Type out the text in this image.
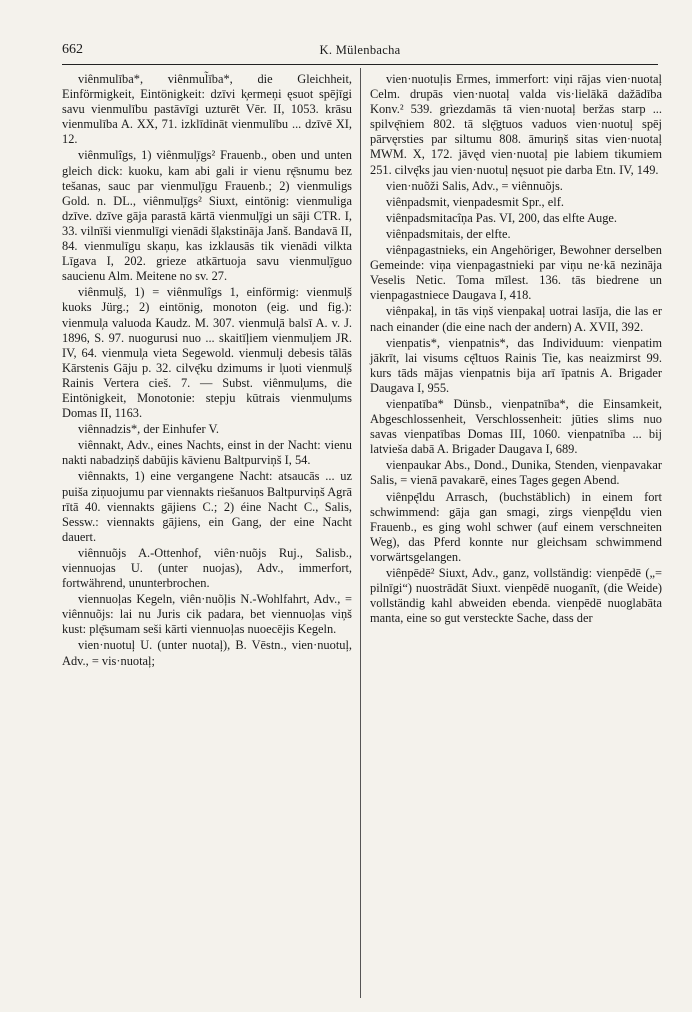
662	K. Mülenbacha

viênmulība*, viênmul̃ība*, die Gleichheit, Einförmigkeit, Eintönigkeit: dzīvi k̦ermeņi ęsuot spējīgi savu vienmulību pastāvīgi uzturēt Vēr. II, 1053. krāsu vienmulība A. XX, 71. izklīdināt vienmulību ... dzīvē XI, 12.

viênmulîgs, 1) viênmul̦īgs² Frauenb., oben und unten gleich dick: kuoku, kam abi gali ir vienu rę̄snumu bez tešanas, sauc par vienmul̦īgu Frauenb.; 2) vienmuligs Gold. n. DL., viênmul̦īgs² Siuxt, eintönig: vienmuliga dzīve. dzīve gāja parastā kārtā vienmul̦īgi un sāji CTR. I, 33. vilnīši vienmulīgi vienādi šl̦akstināja Janš. Bandavā II, 84. vienmulīgu skaņu, kas izklausās tik vienādi vilkta Līgava I, 202. grieze atkārtuoja savu vienmul̦īguo saucienu Alm. Meitene no sv. 27.

viênmul̦š, 1) = viênmulîgs 1, einförmig: vienmul̦š kuoks Jürg.; 2) eintönig, monoton (eig. und fig.): vienmul̦a valuoda Kaudz. M. 307. vienmul̦ā balsī A. v. J. 1896, S. 97. nuogurusi nuo ... skaitīļiem vienmul̦iem JR. IV, 64. vienmul̦a vieta Segewold. vienmul̦i debesis tālās Kārstenis Gāju p. 32. cilvę̄ku dzimums ir l̦uoti vienmul̦š Rainis Vertera cieš. 7. — Subst. viênmul̦ums, die Eintönigkeit, Monotonie: stepju kūtrais vienmul̦ums Domas II, 1163.

viênnadzis*, der Einhufer V.

viênnakt, Adv., eines Nachts, einst in der Nacht: vienu nakti nabadziņš dabūjis kāvienu Baltpurviņš I, 54.

viênnakts, 1) eine vergangene Nacht: atsaucās ... uz puiša ziņuojumu par viennakts riešanuos Baltpurviņš Agrā rītā 40. viennakts gājiens C.; 2) éine Nacht C., Salis, Sessw.: viennakts gājiens, ein Gang, der eine Nacht dauert.

viênnuõjs A.-Ottenhof, viên·nuõjs Ruj., Salisb., viennuojas U. (unter nuojas), Adv., immerfort, fortwährend, ununterbrochen.

viennuoļas Kegeln, viên·nuõļis N.-Wohlfahrt, Adv., = viênnuõjs: lai nu Juris cik padara, bet viennuoļas viņš kust: plę̄sumam seši kārti viennuoļas nuoecējis Kegeln.

vien·nuotuļ U. (unter nuotaļ), B. Vēstn., vien·nuotuļ, Adv., = vis·nuotaļ;

vien·nuotuļis Ermes, immerfort: viņi rājas vien·nuotaļ Celm. drupās vien·nuotaļ valda vis·lielākā dažādība Konv.² 539. grìezdamās tā vien·nuotaļ beržas starp ... spilvę̄niem 802. tā slę̄gtuos vaduos vien·nuotuļ spēj pārvęrsties par siltumu 808. āmuriņš sitas vien·nuotaļ MWM. X, 172. jāvęd vien·nuotaļ pie labiem tikumiem 251. cilvę̄ks jau vien·nuotuļ nęsuot pie darba Etn. IV, 149.

vien·nuõži Salis, Adv., = viênnuõjs.

viênpadsmit, vienpadesmit Spr., elf.

viênpadsmitacîņa Pas. VI, 200, das elfte Auge.

viênpadsmitais, der elfte.

viênpagastnieks, ein Angehöriger, Bewohner derselben Gemeinde: viņa vienpagastnieki par viņu ne·kā nezināja Veselis Netic. Toma mīlest. 136. tās biedrene un vienpagastniece Daugava I, 418.

viênpakaļ, in tās viņš vienpakaļ uotrai lasīja, die las er nach einander (die eine nach der andern) A. XVII, 392.

vienpatis*, vienpatnis*, das Individuum: vienpatim jākrīt, lai visums cę̄ltuos Rainis Tie, kas neaizmirst 99. kurs tāds mājas vienpatnis bija arī īpatnis A. Brigader Daugava I, 955.

vienpatība* Dünsb., vienpatnība*, die Einsamkeit, Abgeschlossenheit, Verschlossenheit: jūties slims nuo savas vienpatības Domas III, 1060. vienpatnība ... bij latvieša dabā A. Brigader Daugava I, 689.

vienpaukar Abs., Dond., Dunika, Stenden, vienpavakar Salis, = vienā pavakarē, eines Tages gegen Abend.

viênpę̄ldu Arrasch, (buchstäblich) in einem fort schwimmend: gāja gan smagi, zirgs vienpę̄ldu vien Frauenb., es ging wohl schwer (auf einem verschneiten Weg), das Pferd konnte nur gleichsam schwimmend vorwärtsgelangen.

viênpēdē² Siuxt, Adv., ganz, vollständig: vienpēdē („= pilnīgi“) nuostrādāt Siuxt. vienpēdē nuoganīt, (die Weide) vollständig kahl abweiden ebenda. vienpēdē nuoglabāta manta, eine so gut versteckte Sache, dass der
